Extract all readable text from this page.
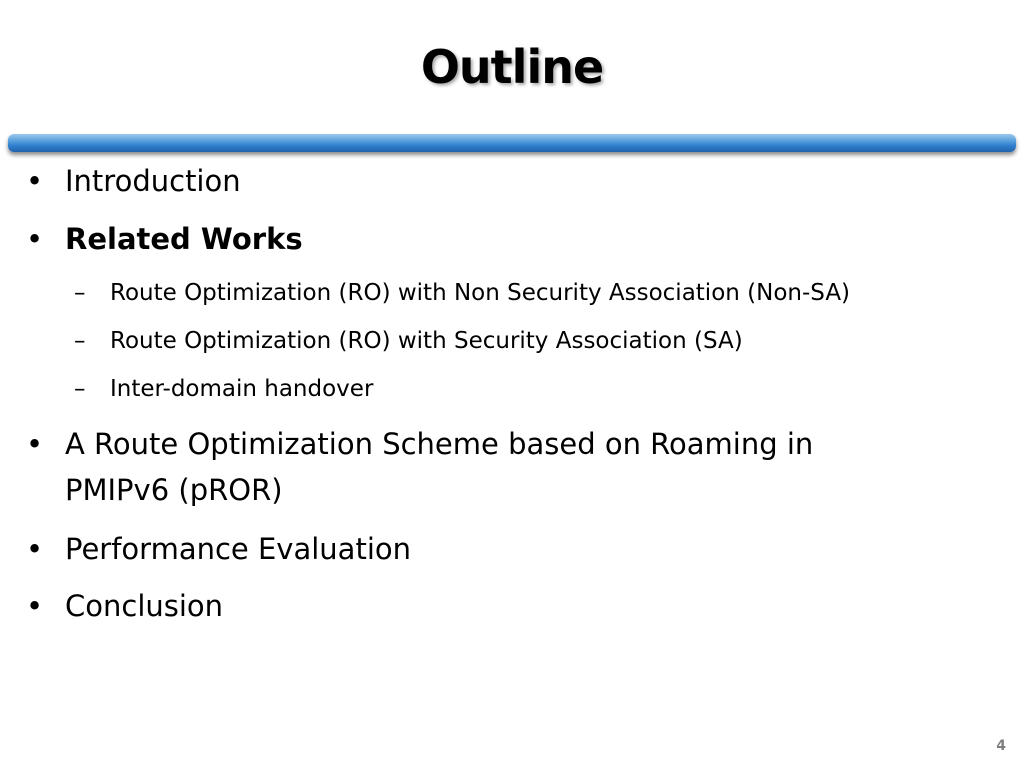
Outline
• Introduction
• Related Works
–	Route Optimization (RO) with Non Security Association (Non-SA)
–	Route Optimization (RO) with Security Association (SA)
–	Inter-domain handover
• A Route Optimization Scheme based on Roaming in PMIPv6 (pROR)
• Performance Evaluation
• Conclusion
4
